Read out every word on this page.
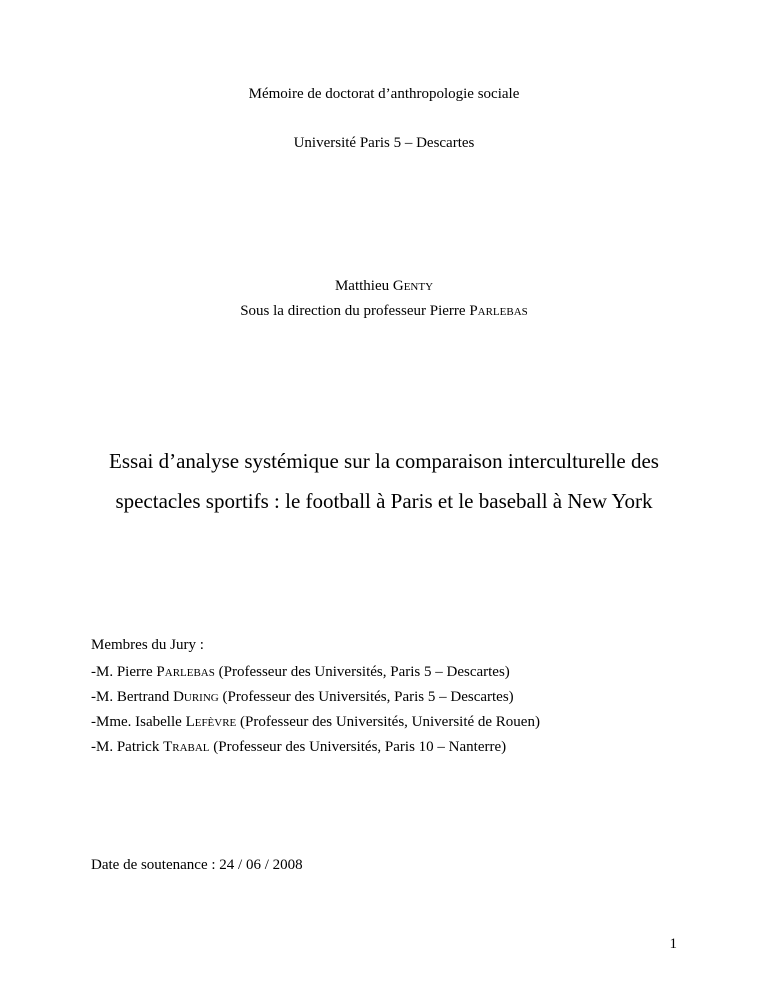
Mémoire de doctorat d’anthropologie sociale
Université Paris 5 – Descartes
Matthieu Genty
Sous la direction du professeur Pierre Parlebas
Essai d’analyse systémique sur la comparaison interculturelle des
spectacles sportifs : le football à Paris et le baseball à New York
Membres du Jury :
-M. Pierre Parlebas (Professeur des Universités, Paris 5 – Descartes)
-M. Bertrand During (Professeur des Universités, Paris 5 – Descartes)
-Mme. Isabelle Lefèvre (Professeur des Universités, Université de Rouen)
-M. Patrick Trabal (Professeur des Universités, Paris 10 – Nanterre)
Date de soutenance : 24 / 06 / 2008
1
